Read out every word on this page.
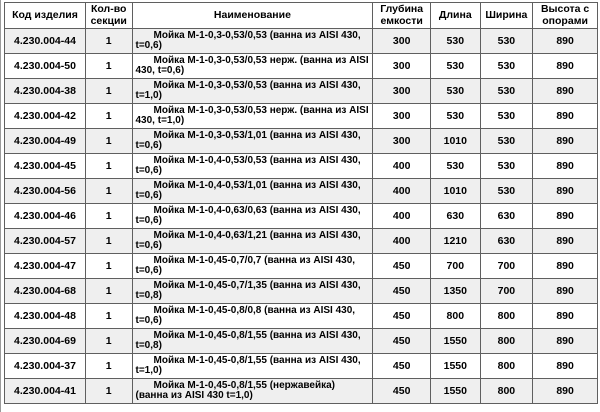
Код изделия	Кол-во секции	Наименование	Глубина емкости	Длина	Ширина	Высота с опорами
4.230.004-44	1	Мойка М-1-0,3-0,53/0,53 (ванна из AISI 430, t=0,6)	300	530	530	890
4.230.004-50	1	Мойка М-1-0,3-0,53/0,53 нерж. (ванна из AISI 430, t=0,6)	300	530	530	890
4.230.004-38	1	Мойка М-1-0,3-0,53/0,53 (ванна из AISI 430, t=1,0)	300	530	530	890
4.230.004-42	1	Мойка М-1-0,3-0,53/0,53 нерж. (ванна из AISI 430, t=1,0)	300	530	530	890
4.230.004-49	1	Мойка М-1-0,3-0,53/1,01 (ванна из AISI 430, t=0,6)	300	1010	530	890
4.230.004-45	1	Мойка М-1-0,4-0,53/0,53 (ванна из AISI 430, t=0,6)	400	530	530	890
4.230.004-56	1	Мойка М-1-0,4-0,53/1,01 (ванна из AISI 430, t=0,6)	400	1010	530	890
4.230.004-46	1	Мойка М-1-0,4-0,63/0,63 (ванна из AISI 430, t=0,6)	400	630	630	890
4.230.004-57	1	Мойка М-1-0,4-0,63/1,21 (ванна из AISI 430, t=0,6)	400	1210	630	890
4.230.004-47	1	Мойка М-1-0,45-0,7/0,7 (ванна из AISI 430, t=0,6)	450	700	700	890
4.230.004-68	1	Мойка М-1-0,45-0,7/1,35 (ванна из AISI 430, t=0,8)	450	1350	700	890
4.230.004-48	1	Мойка М-1-0,45-0,8/0,8 (ванна из AISI 430, t=0,6)	450	800	800	890
4.230.004-69	1	Мойка М-1-0,45-0,8/1,55 (ванна из AISI 430, t=0,8)	450	1550	800	890
4.230.004-37	1	Мойка М-1-0,45-0,8/1,55 (ванна из AISI 430, t=1,0)	450	1550	800	890
4.230.004-41	1	Мойка М-1-0,45-0,8/1,55 (нержавейка) (ванна из AISI 430 t=1,0)	450	1550	800	890
